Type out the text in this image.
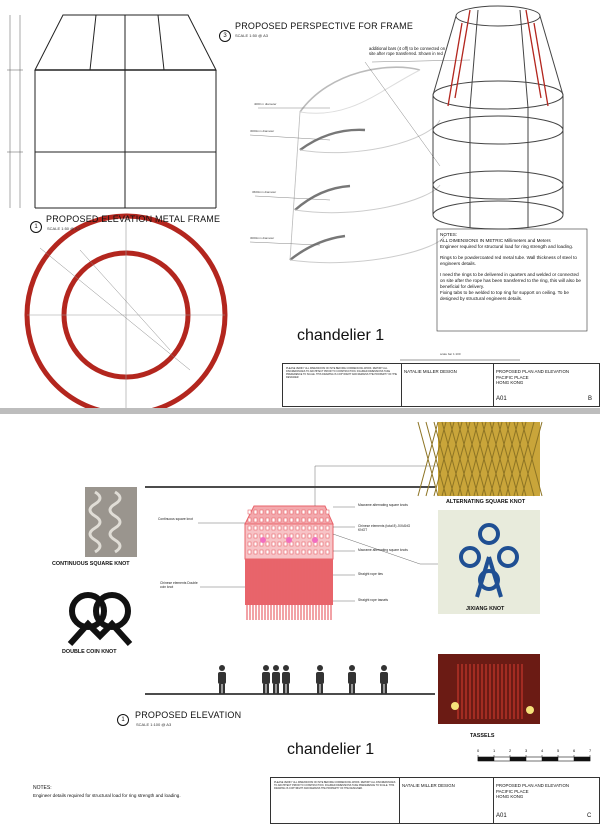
3
PROPOSED PERSPECTIVE FOR FRAME
SCALE 1:50 @ A3
additional bars (4 off) to be connected on site after rope transferred. Shown in red
4000 m diameter
3000mm diameter
3600mm diameter
3000mm diameter
1
PROPOSED ELEVATION METAL FRAME
SCALE 1:50 @ A3
NOTES:
ALL DIMENSIONS IN METRIC Millimeters and Meters
Engineer required for structural load for ring strength and loading.
Rings to be powdercoated red metal tube. Wall thickness of steel to engineers details.
I need the rings to be delivered in quarters and welded or connected on site after the rope has been transferred to the ring, this will also be beneficial for delivery.
Fixing tabs to be welded to top ring for support on ceiling. To be designed by structural engineers details.
chandelier 1
scale bar 1:100
PLEASE VERIFY ALL DIMENSIONS ON SITE BEFORE COMMENCING WORK. REPORT ALL DISCREPANCIES TO ARCHITECT PRIOR TO CONSTRUCTION. FIGURED DIMENSIONS TAKE PREFERENCE TO SCALE. THIS DRAWING IS COPYRIGHT AND REMAINS THE PROPERTY OF THE DESIGNER.
NATALIE MILLER DESIGN	PROPOSED PLAN AND ELEVATION
PACIFIC PLACE
HONG KONG
A01	B
Continuous square knot
Chinese elements Double coin knot
Macrame alternating square knots
Chinese elements (total 8) JIXIANG KNOT
Macrame alternating square knots
Straight rope ties
Straight rope tassels
CONTINUOUS SQUARE KNOT
DOUBLE COIN KNOT
ALTERNATING SQUARE KNOT
JIXIANG KNOT
TASSELS
1	PROPOSED ELEVATION
SCALE 1:100 @ A3
chandelier 1	0	1	2	3	4	5	6	7
NOTES:
Engineer details required for structural load for ring strength and loading.
PLEASE VERIFY ALL DIMENSIONS ON SITE BEFORE COMMENCING WORK. REPORT ALL DISCREPANCIES TO ARCHITECT PRIOR TO CONSTRUCTION. FIGURED DIMENSIONS TAKE PREFERENCE TO SCALE. THIS DRAWING IS COPYRIGHT AND REMAINS THE PROPERTY OF THE DESIGNER.
NATALIE MILLER DESIGN	PROPOSED PLAN AND ELEVATION
PACIFIC PLACE
HONG KONG
A01	C
